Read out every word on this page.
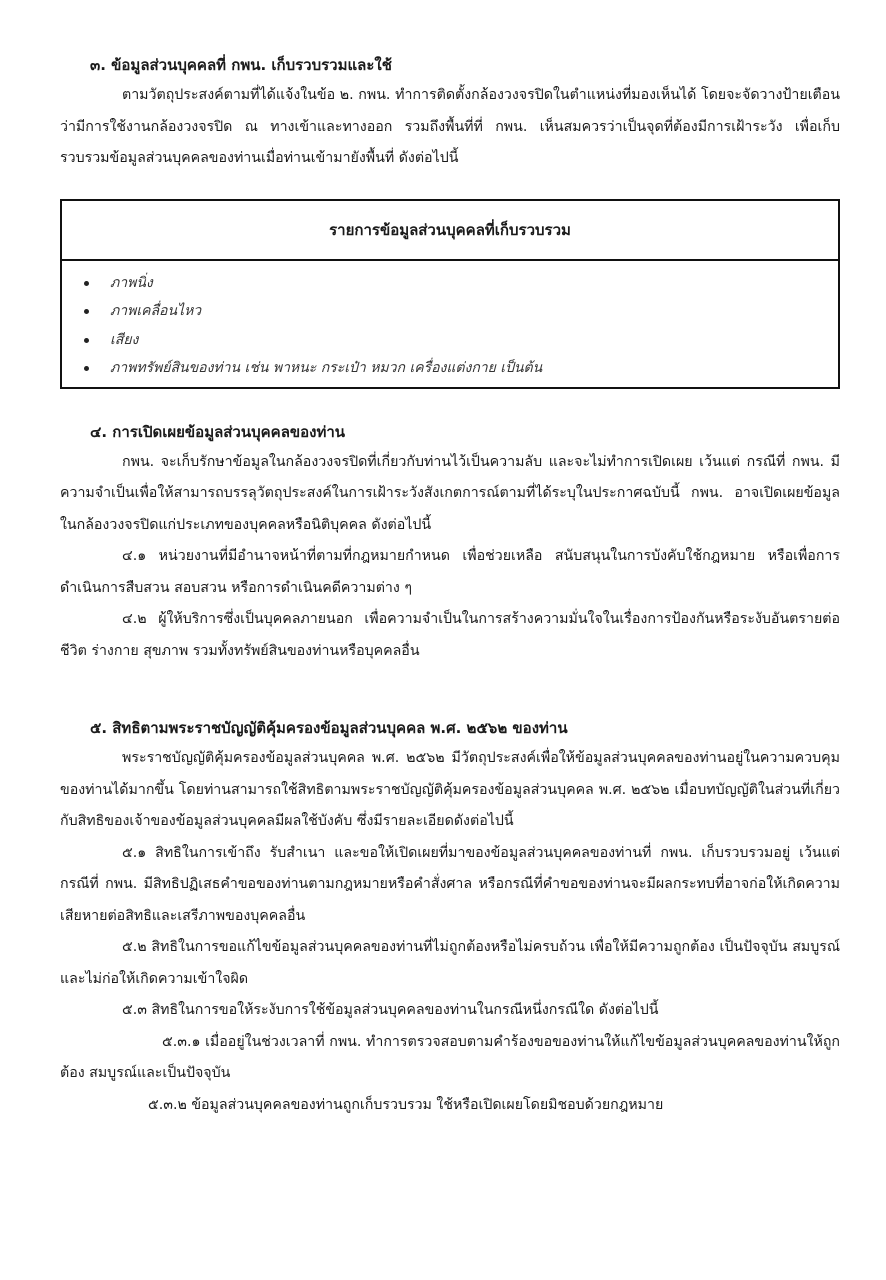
๓. ข้อมูลส่วนบุคคลที่ กพน. เก็บรวบรวมและใช้

ตามวัตถุประสงค์ตามที่ได้แจ้งในข้อ ๒. กพน. ทำการติดตั้งกล้องวงจรปิดในตำแหน่งที่มองเห็นได้ โดยจะจัดวางป้ายเตือนว่ามีการใช้งานกล้องวงจรปิด ณ ทางเข้าและทางออก รวมถึงพื้นที่ที่ กพน. เห็นสมควรว่าเป็นจุดที่ต้องมีการเฝ้าระวัง เพื่อเก็บรวบรวมข้อมูลส่วนบุคคลของท่านเมื่อท่านเข้ามายังพื้นที่ ดังต่อไปนี้

รายการข้อมูลส่วนบุคคลที่เก็บรวบรวม
ภาพนิ่ง
ภาพเคลื่อนไหว
เสียง
ภาพทรัพย์สินของท่าน เช่น พาหนะ กระเป๋า หมวก เครื่องแต่งกาย เป็นต้น
๔. การเปิดเผยข้อมูลส่วนบุคคลของท่าน

กพน. จะเก็บรักษาข้อมูลในกล้องวงจรปิดที่เกี่ยวกับท่านไว้เป็นความลับ และจะไม่ทำการเปิดเผย เว้นแต่ กรณีที่ กพน. มีความจำเป็นเพื่อให้สามารถบรรลุวัตถุประสงค์ในการเฝ้าระวังสังเกตการณ์ตามที่ได้ระบุในประกาศฉบับนี้ กพน. อาจเปิดเผยข้อมูลในกล้องวงจรปิดแก่ประเภทของบุคคลหรือนิติบุคคล ดังต่อไปนี้

๔.๑ หน่วยงานที่มีอำนาจหน้าที่ตามที่กฎหมายกำหนด เพื่อช่วยเหลือ สนับสนุนในการบังคับใช้กฎหมาย หรือเพื่อการดำเนินการสืบสวน สอบสวน หรือการดำเนินคดีความต่าง ๆ

๔.๒ ผู้ให้บริการซึ่งเป็นบุคคลภายนอก เพื่อความจำเป็นในการสร้างความมั่นใจในเรื่องการป้องกันหรือระงับอันตรายต่อชีวิต ร่างกาย สุขภาพ รวมทั้งทรัพย์สินของท่านหรือบุคคลอื่น

๕. สิทธิตามพระราชบัญญัติคุ้มครองข้อมูลส่วนบุคคล พ.ศ. ๒๕๖๒ ของท่าน

พระราชบัญญัติคุ้มครองข้อมูลส่วนบุคคล พ.ศ. ๒๕๖๒ มีวัตถุประสงค์เพื่อให้ข้อมูลส่วนบุคคลของท่านอยู่ในความควบคุมของท่านได้มากขึ้น โดยท่านสามารถใช้สิทธิตามพระราชบัญญัติคุ้มครองข้อมูลส่วนบุคคล พ.ศ. ๒๕๖๒ เมื่อบทบัญญัติในส่วนที่เกี่ยวกับสิทธิของเจ้าของข้อมูลส่วนบุคคลมีผลใช้บังคับ ซึ่งมีรายละเอียดดังต่อไปนี้

๕.๑ สิทธิในการเข้าถึง รับสำเนา และขอให้เปิดเผยที่มาของข้อมูลส่วนบุคคลของท่านที่ กพน. เก็บรวบรวมอยู่ เว้นแต่กรณีที่ กพน. มีสิทธิปฏิเสธคำขอของท่านตามกฎหมายหรือคำสั่งศาล หรือกรณีที่คำขอของท่านจะมีผลกระทบที่อาจก่อให้เกิดความเสียหายต่อสิทธิและเสรีภาพของบุคคลอื่น

๕.๒ สิทธิในการขอแก้ไขข้อมูลส่วนบุคคลของท่านที่ไม่ถูกต้องหรือไม่ครบถ้วน เพื่อให้มีความถูกต้อง เป็นปัจจุบัน สมบูรณ์ และไม่ก่อให้เกิดความเข้าใจผิด

๕.๓ สิทธิในการขอให้ระงับการใช้ข้อมูลส่วนบุคคลของท่านในกรณีหนึ่งกรณีใด ดังต่อไปนี้

๕.๓.๑ เมื่ออยู่ในช่วงเวลาที่ กพน. ทำการตรวจสอบตามคำร้องขอของท่านให้แก้ไขข้อมูลส่วนบุคคลของท่านให้ถูกต้อง สมบูรณ์และเป็นปัจจุบัน

๕.๓.๒ ข้อมูลส่วนบุคคลของท่านถูกเก็บรวบรวม ใช้หรือเปิดเผยโดยมิชอบด้วยกฎหมาย
